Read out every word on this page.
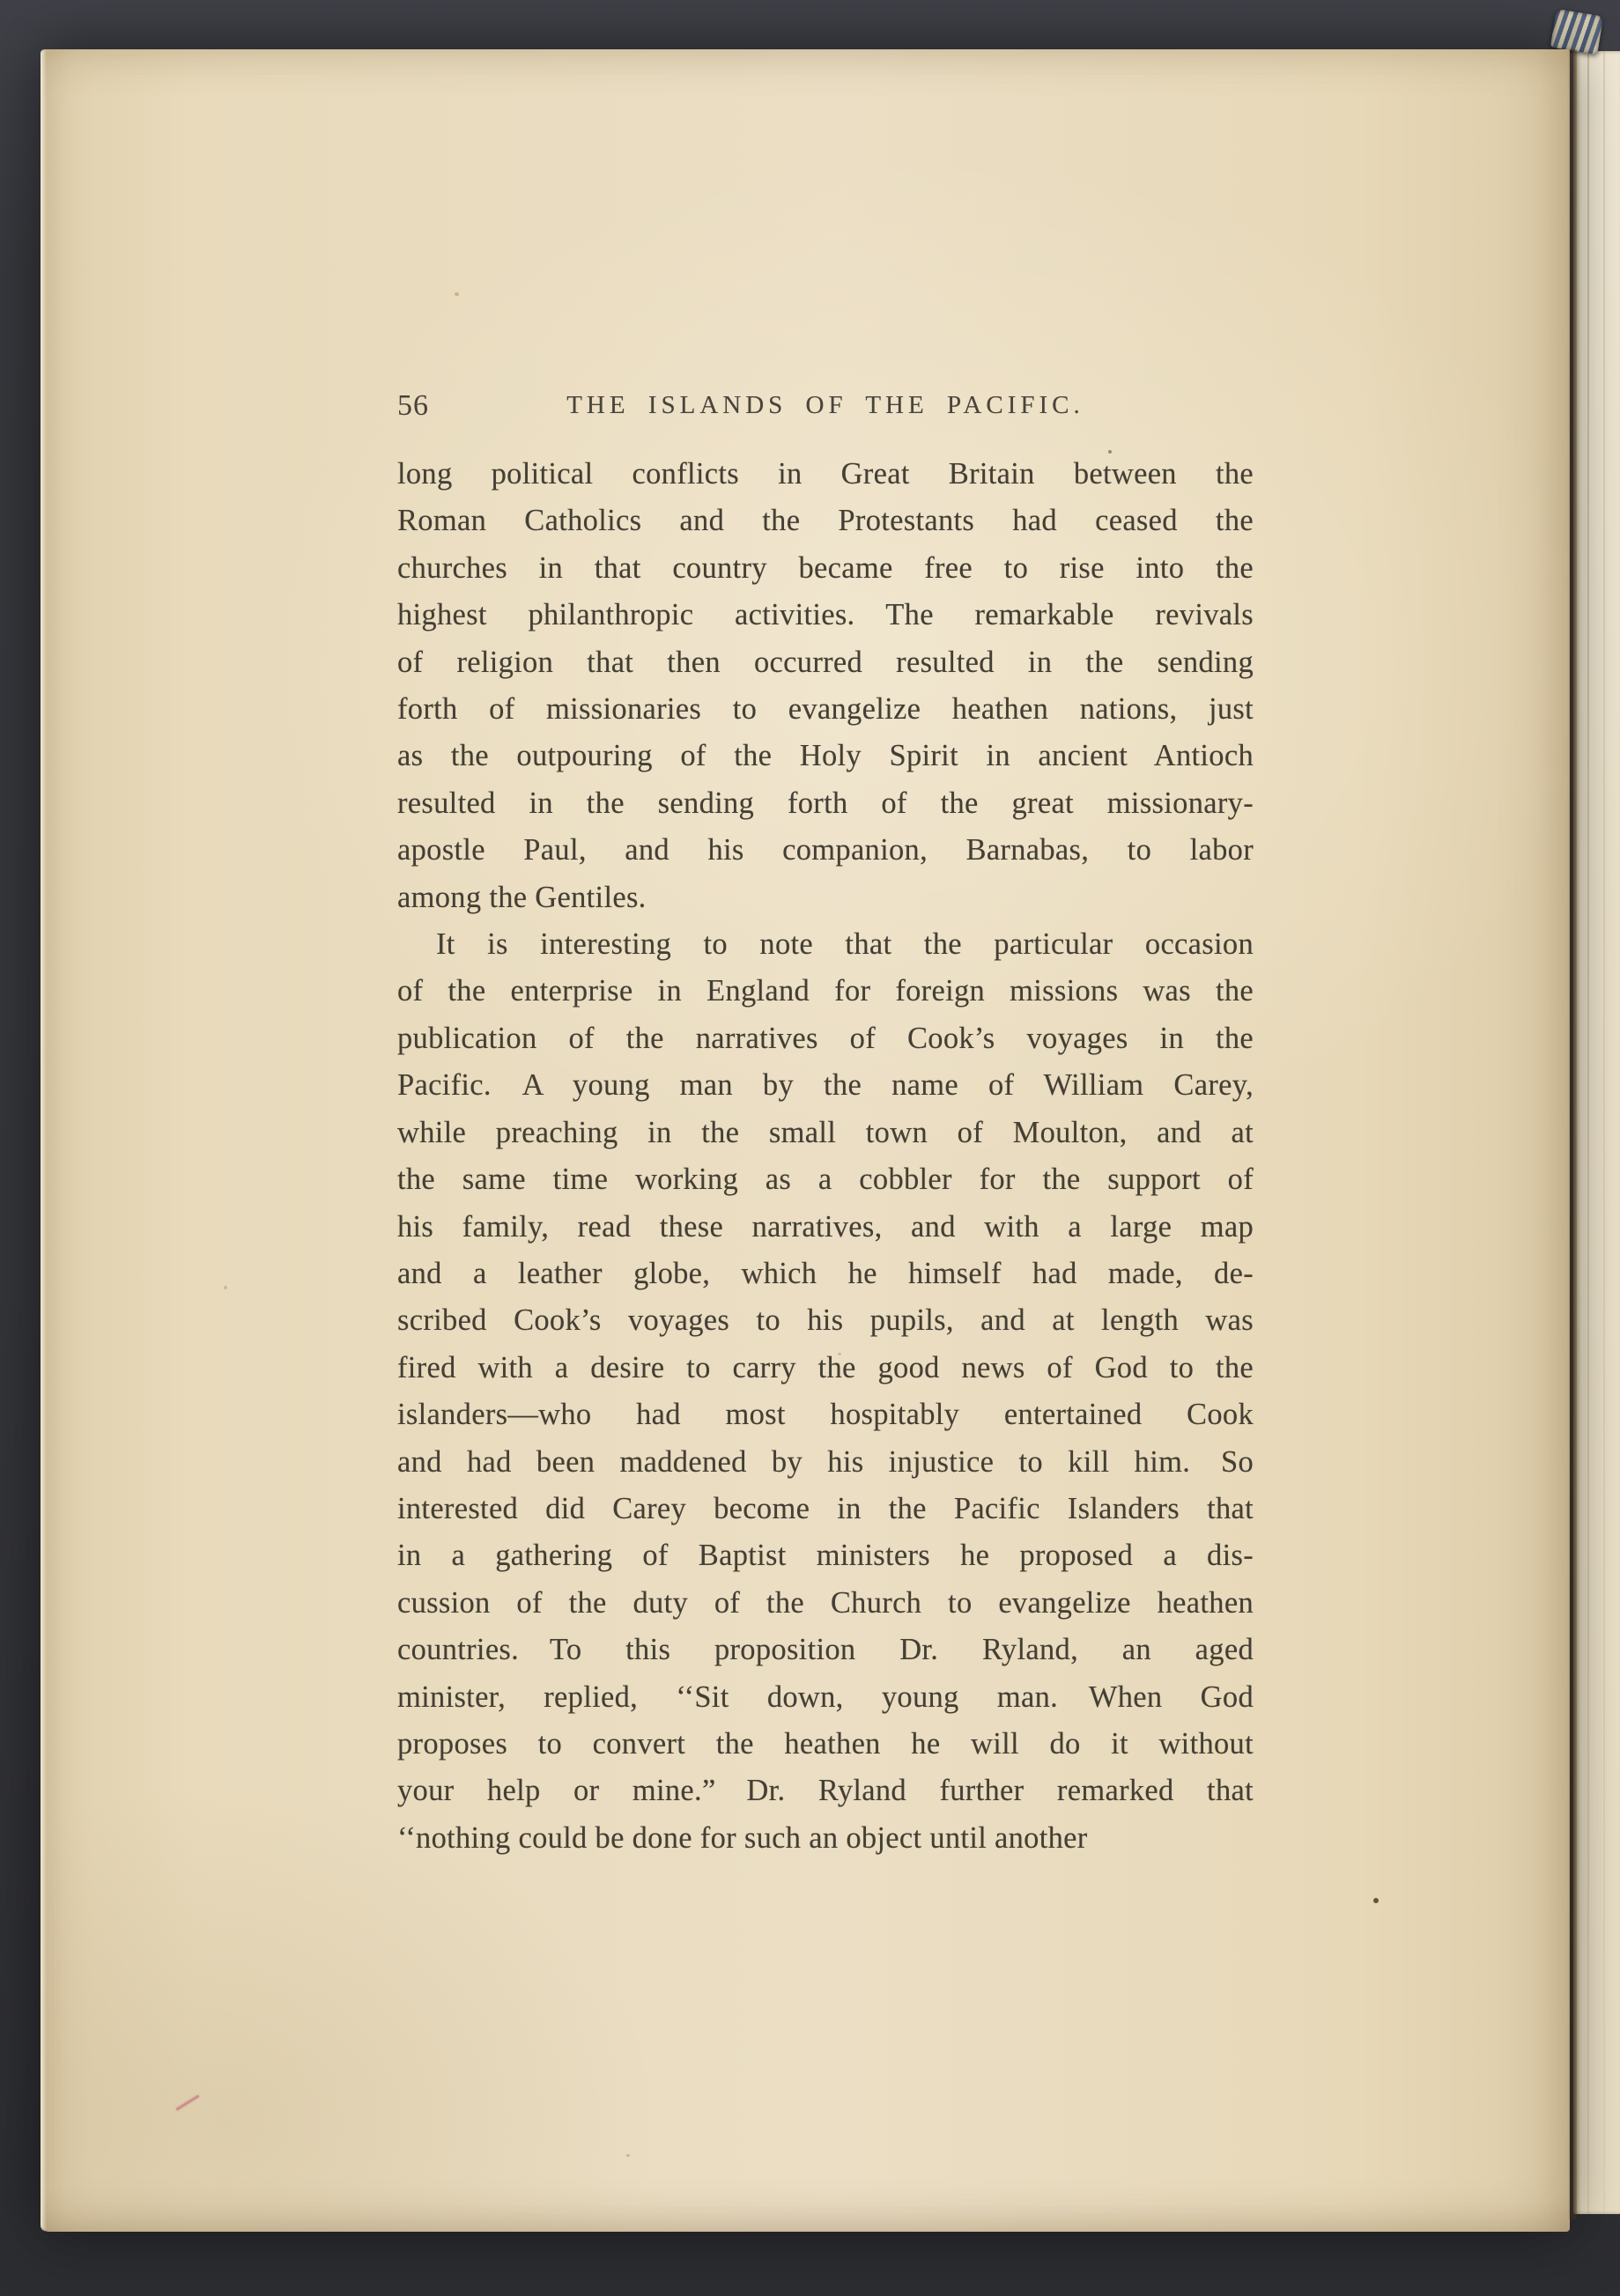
56	THE ISLANDS OF THE PACIFIC.
long political conflicts in Great Britain between the
Roman Catholics and the Protestants had ceased the
churches in that country became free to rise into the
highest philanthropic activities. The remarkable revivals
of religion that then occurred resulted in the sending
forth of missionaries to evangelize heathen nations, just
as the outpouring of the Holy Spirit in ancient Antioch
resulted in the sending forth of the great missionary-
apostle Paul, and his companion, Barnabas, to labor
among the Gentiles.
It is interesting to note that the particular occasion
of the enterprise in England for foreign missions was the
publication of the narratives of Cook’s voyages in the
Pacific. A young man by the name of William Carey,
while preaching in the small town of Moulton, and at
the same time working as a cobbler for the support of
his family, read these narratives, and with a large map
and a leather globe, which he himself had made, de-
scribed Cook’s voyages to his pupils, and at length was
fired with a desire to carry the good news of God to the
islanders—who had most hospitably entertained Cook
and had been maddened by his injustice to kill him. So
interested did Carey become in the Pacific Islanders that
in a gathering of Baptist ministers he proposed a dis-
cussion of the duty of the Church to evangelize heathen
countries. To this proposition Dr. Ryland, an aged
minister, replied, ‘‘Sit down, young man. When God
proposes to convert the heathen he will do it without
your help or mine.” Dr. Ryland further remarked that
‘‘nothing could be done for such an object until another
